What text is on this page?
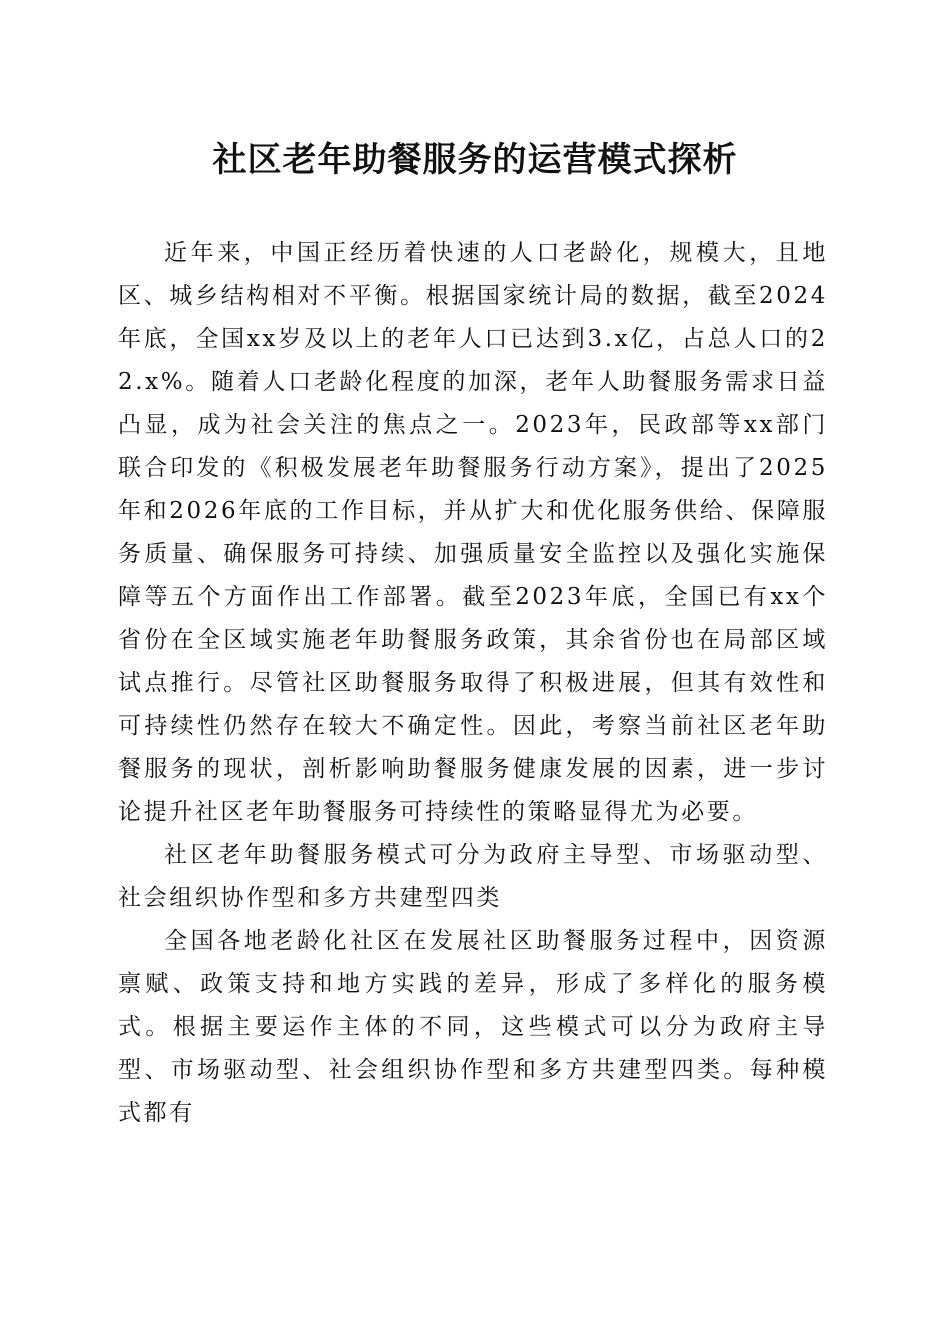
社区老年助餐服务的运营模式探析

近年来，中国正经历着快速的人口老龄化，规模大，且地区、城乡结构相对不平衡。根据国家统计局的数据，截至2024年底，全国xx岁及以上的老年人口已达到3.x亿，占总人口的22.x%。随着人口老龄化程度的加深，老年人助餐服务需求日益凸显，成为社会关注的焦点之一。2023年，民政部等xx部门联合印发的《积极发展老年助餐服务行动方案》，提出了2025年和2026年底的工作目标，并从扩大和优化服务供给、保障服务质量、确保服务可持续、加强质量安全监控以及强化实施保障等五个方面作出工作部署。截至2023年底，全国已有xx个省份在全区域实施老年助餐服务政策，其余省份也在局部区域试点推行。尽管社区助餐服务取得了积极进展，但其有效性和可持续性仍然存在较大不确定性。因此，考察当前社区老年助餐服务的现状，剖析影响助餐服务健康发展的因素，进一步讨论提升社区老年助餐服务可持续性的策略显得尤为必要。

社区老年助餐服务模式可分为政府主导型、市场驱动型、社会组织协作型和多方共建型四类

全国各地老龄化社区在发展社区助餐服务过程中，因资源禀赋、政策支持和地方实践的差异，形成了多样化的服务模式。根据主要运作主体的不同，这些模式可以分为政府主导型、市场驱动型、社会组织协作型和多方共建型四类。每种模式都有
